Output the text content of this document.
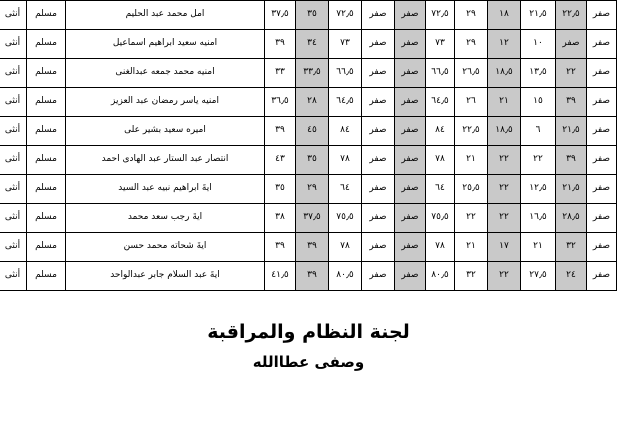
صفر	٢٢٫٥	٢١٫٥	١٨	٢٩	٧٢٫٥	صفر	صفر	٧٢٫٥	٣٥	٣٧٫٥	امل محمد عبد الحليم	مسلم	أنثى	
صفر	صفر	١٠	١٢	٢٩	٧٣	صفر	صفر	٧٣	٣٤	٣٩	امنيه سعيد ابراهيم اسماعيل	مسلم	أنثى	
صفر	٢٢	١٣٫٥	١٨٫٥	٢٦٫٥	٦٦٫٥	صفر	صفر	٦٦٫٥	٣٣٫٥	٣٣	امنيه محمد جمعه عبدالغنى	مسلم	أنثى	
صفر	٣٩	١٥	٢١	٢٦	٦٤٫٥	صفر	صفر	٦٤٫٥	٢٨	٣٦٫٥	امنيه ياسر رمضان عبد العزيز	مسلم	أنثى	
صفر	٢١٫٥	٦	١٨٫٥	٢٢٫٥	٨٤	صفر	صفر	٨٤	٤٥	٣٩	اميره سعيد بشير على	مسلم	أنثى	
صفر	٣٩	٢٢	٢٢	٢١	٧٨	صفر	صفر	٧٨	٣٥	٤٣	انتصار عبد الستار عبد الهادى احمد	مسلم	أنثى	
صفر	٢١٫٥	١٢٫٥	٢٢	٢٥٫٥	٦٤	صفر	صفر	٦٤	٢٩	٣٥	ايةَ ابراهيم نبيه عبد السيد	مسلم	أنثى	
صفر	٢٨٫٥	١٦٫٥	٢٢	٢٢	٧٥٫٥	صفر	صفر	٧٥٫٥	٣٧٫٥	٣٨	ايةَ رجب سعد محمد	مسلم	أنثى	
صفر	٣٢	٢١	١٧	٢١	٧٨	صفر	صفر	٧٨	٣٩	٣٩	ايةَ شحاته محمد حسن	مسلم	أنثى	
صفر	٢٤	٢٧٫٥	٢٢	٣٢	٨٠٫٥	صفر	صفر	٨٠٫٥	٣٩	٤١٫٥	ايةَ عبد السلام جابر عبدالواحد	مسلم	أنثى	
لجنة النظام والمراقبة
وصفى عطاالله
